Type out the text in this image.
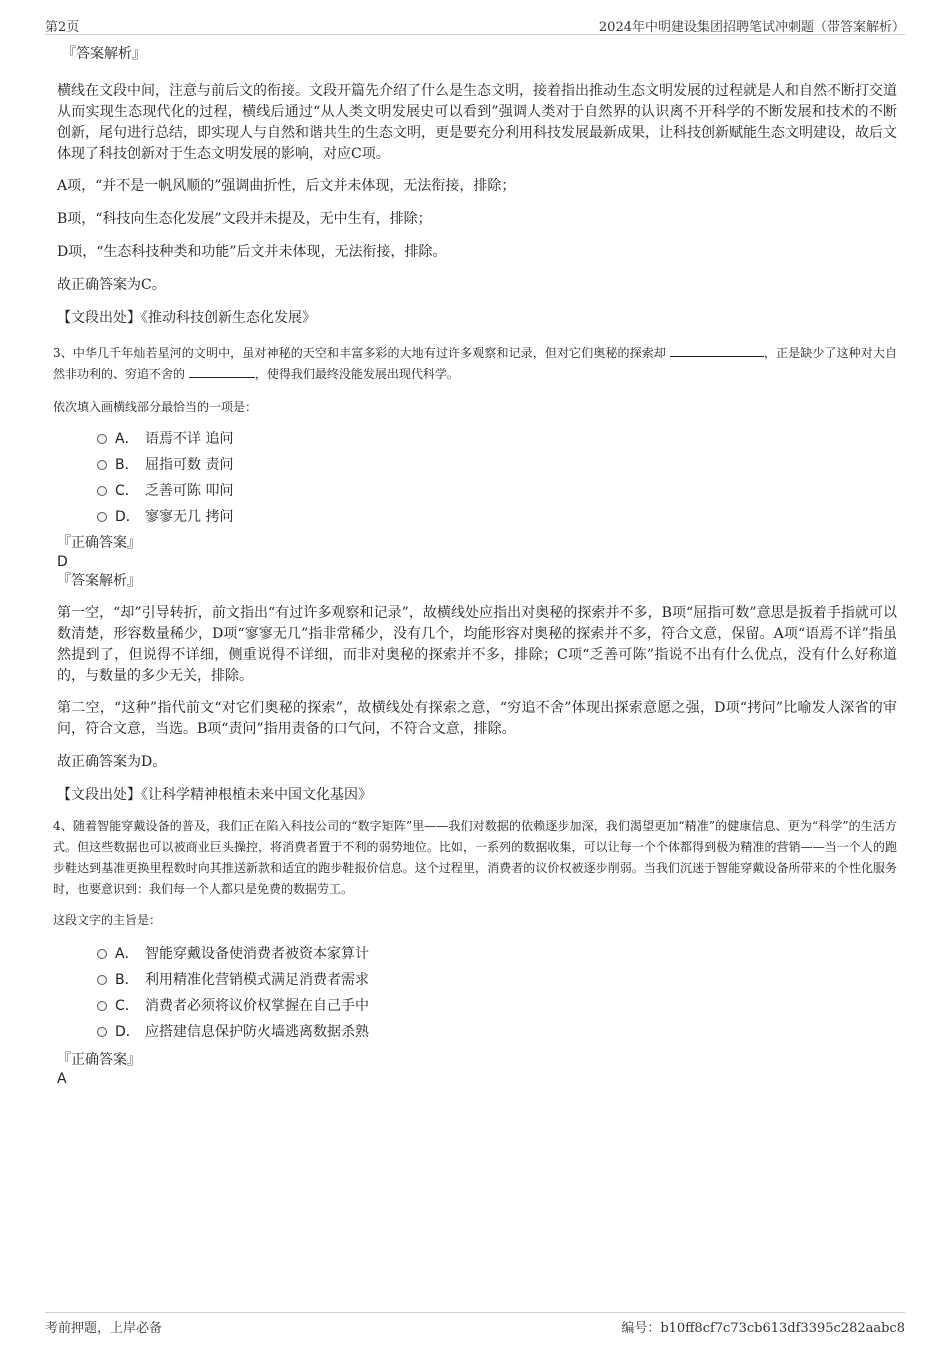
第2页	2024年中明建设集团招聘笔试冲刺题（带答案解析）

『答案解析』

横线在文段中间，注意与前后文的衔接。文段开篇先介绍了什么是生态文明，接着指出推动生态文明发展的过程就是人和自然不断打交道从而实现生态现代化的过程，横线后通过“从人类文明发展史可以看到”强调人类对于自然界的认识离不开科学的不断发展和技术的不断创新，尾句进行总结，即实现人与自然和谐共生的生态文明，更是要充分利用科技发展最新成果，让科技创新赋能生态文明建设，故后文体现了科技创新对于生态文明发展的影响，对应C项。

A项，“并不是一帆风顺的”强调曲折性，后文并未体现，无法衔接，排除；

B项，“科技向生态化发展”文段并未提及，无中生有，排除；

D项，“生态科技种类和功能”后文并未体现，无法衔接，排除。

故正确答案为C。

【文段出处】《推动科技创新生态化发展》

3、中华几千年灿若星河的文明中，虽对神秘的天空和丰富多彩的大地有过许多观察和记录，但对它们奥秘的探索却	，正是缺少了这种对大自然非功利的、穷追不舍的	，使得我们最终没能发展出现代科学。

依次填入画横线部分最恰当的一项是：

A． 语焉不详 追问
B． 屈指可数 责问
C． 乏善可陈 叩问
D． 寥寥无几 拷问

『正确答案』

D

『答案解析』

第一空，“却”引导转折，前文指出“有过许多观察和记录”，故横线处应指出对奥秘的探索并不多，B项“屈指可数”意思是扳着手指就可以数清楚，形容数量稀少，D项“寥寥无几”指非常稀少，没有几个，均能形容对奥秘的探索并不多，符合文意，保留。A项“语焉不详”指虽然提到了，但说得不详细，侧重说得不详细，而非对奥秘的探索并不多，排除；C项“乏善可陈”指说不出有什么优点，没有什么好称道的，与数量的多少无关，排除。

第二空，“这种”指代前文“对它们奥秘的探索”，故横线处有探索之意，“穷追不舍”体现出探索意愿之强，D项“拷问”比喻发人深省的审问，符合文意，当选。B项“责问”指用责备的口气问，不符合文意，排除。

故正确答案为D。

【文段出处】《让科学精神根植未来中国文化基因》

4、随着智能穿戴设备的普及，我们正在陷入科技公司的“数字矩阵”里——我们对数据的依赖逐步加深，我们渴望更加“精准”的健康信息、更为“科学”的生活方式。但这些数据也可以被商业巨头操控，将消费者置于不利的弱势地位。比如，一系列的数据收集，可以让每一个个体都得到极为精准的营销——当一个人的跑步鞋达到基准更换里程数时向其推送新款和适宜的跑步鞋报价信息。这个过程里，消费者的议价权被逐步削弱。当我们沉迷于智能穿戴设备所带来的个性化服务时，也要意识到：我们每一个人都只是免费的数据劳工。

这段文字的主旨是：

A． 智能穿戴设备使消费者被资本家算计
B． 利用精准化营销模式满足消费者需求
C． 消费者必须将议价权掌握在自己手中
D． 应搭建信息保护防火墙逃离数据杀熟

『正确答案』

A

考前押题，上岸必备	编号：b10ff8cf7c73cb613df3395c282aabc8
